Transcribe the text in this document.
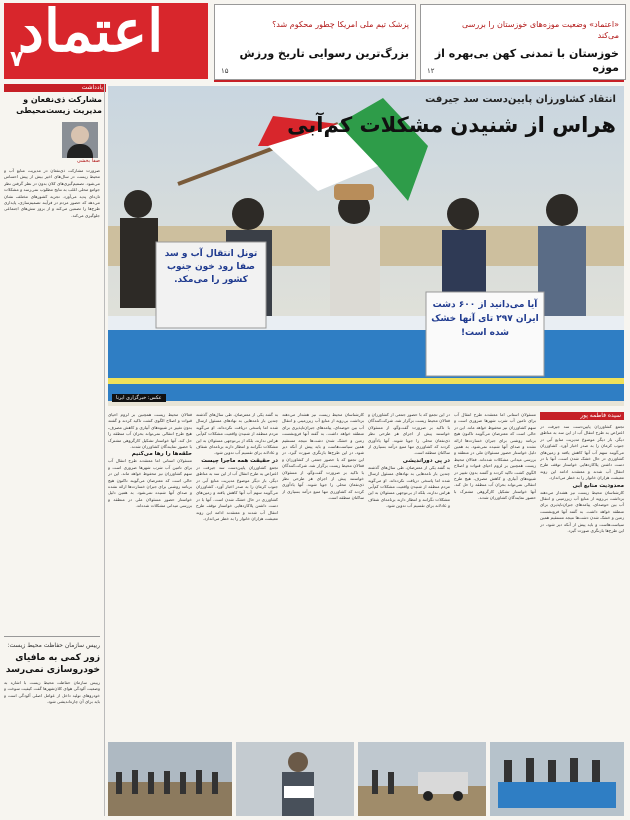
اعتماد
۷
«اعتماد» وضعیت موزه‌های خوزستان را بررسی می‌کند
خوزستان با تمدنی کهن بی‌بهره از موزه
۱۲
پزشک تیم ملی امریکا چطور محکوم شد؟
بزرگ‌ترین رسوایی تاریخ ورزش
۱۵
یادداشت
مشارکت ذی‌نفعان و مدیریت زیست‌محیطی
صفا بخشی
ضرورت مشارکت ذی‌نفعان در مدیریت منابع آب و محیط زیست در سال‌های اخیر بیش از پیش احساس می‌شود. تصمیم‌گیری‌های کلان بدون در نظر گرفتن نظر جوامع محلی اغلب به نتایج مطلوب نمی‌رسد و مشکلات تازه‌ای پدید می‌آورد. تجربه کشورهای مختلف نشان می‌دهد که حضور مردم در فرآیند تصمیم‌سازی، پایداری طرح‌ها را تضمین می‌کند و از بروز تنش‌های اجتماعی جلوگیری می‌کند.
رییس سازمان حفاظت محیط زیست:
زور کمی به مافیای خودروسازی نمی‌رسد
رییس سازمان حفاظت محیط زیست با اشاره به وضعیت آلودگی هوای کلان‌شهرها گفت کیفیت سوخت و خودروهای تولید داخل از عوامل اصلی آلودگی است و باید برای آن چاره‌اندیشی شود.
تونل انتقال آب و سد صفا رود خون جنوب کشور را می‌مکد.
آیا می‌دانید از ۶۰۰ دشت ایران ۲۹۷ تای آنها خشک شده است!
انتقاد کشاورزان پایین‌دست سد جیرفت
هراس از شنیدن مشکلات کم‌آبی
عکس: خبرگزاری ایرنا
سیده فاطمه پور
تجمع کشاورزان پایین‌دست سد جیرفت در اعتراض به طرح انتقال آب از این سد به مناطق دیگر، بار دیگر موضوع مدیریت منابع آبی در جنوب کرمان را به صدر اخبار آورد. کشاورزان می‌گویند سهم آب آنها کاهش یافته و زمین‌های کشاورزی در حال خشک شدن است. آنها با در دست داشتن پلاکاردهایی خواستار توقف طرح انتقال آب شدند و معتقدند ادامه این روند معیشت هزاران خانوار را به خطر می‌اندازد.
محدودیت منابع آبی
کارشناسان محیط زیست نیز هشدار می‌دهند برداشت بی‌رویه از منابع آب زیرزمینی و انتقال آب بین حوضه‌ای، پیامدهای جبران‌ناپذیری برای منطقه خواهد داشت. به گفته آنها فرونشست زمین و خشک شدن دشت‌ها نتیجه مستقیم همین سیاست‌هاست و باید پیش از آنکه دیر شود، در این طرح‌ها بازنگری صورت گیرد.
مسئولان استانی اما معتقدند طرح انتقال آب برای تامین آب شرب شهرها ضروری است و سهم کشاورزان نیز محفوظ خواهد ماند. این در حالی است که معترضان می‌گویند تاکنون هیچ برنامه روشنی برای جبران خسارت‌ها ارائه نشده و صدای آنها شنیده نمی‌شود. به همین دلیل خواستار حضور مسئولان ملی در منطقه و بررسی میدانی مشکلات شده‌اند. فعالان محیط زیست همچنین بر لزوم احیای قنوات و اصلاح الگوی کشت تاکید کردند و گفتند بدون تغییر در شیوه‌های آبیاری و کاهش مصرف، هیچ طرح انتقالی نمی‌تواند بحران آب منطقه را حل کند. آنها خواستار تشکیل کارگروهی مشترک با حضور نمایندگان کشاورزان شدند.
در این تجمع که با حضور جمعی از کشاورزان و فعالان محیط زیست برگزار شد، شرکت‌کنندگان با تاکید بر ضرورت گفت‌وگو، از مسئولان خواستند پیش از اجرای هر طرحی نظر ذی‌نفعان محلی را جویا شوند. آنها یادآوری کردند که کشاورزی تنها منبع درآمد بسیاری از ساکنان منطقه است.
در پی دوراندیشی
به گفته یکی از معترضان، طی سال‌های گذشته چندین بار نامه‌هایی به نهادهای مسئول ارسال شده اما پاسخی دریافت نکرده‌اند. او می‌گوید مردم منطقه از شنیدن واقعیت مشکلات کم‌آبی هراس ندارند، بلکه از بی‌توجهی مسئولان به این مشکلات نگرانند و انتظار دارند برنامه‌ای شفاف و عادلانه برای تقسیم آب تدوین شود.
کارشناسان محیط زیست نیز هشدار می‌دهند برداشت بی‌رویه از منابع آب زیرزمینی و انتقال آب بین حوضه‌ای، پیامدهای جبران‌ناپذیری برای منطقه خواهد داشت. به گفته آنها فرونشست زمین و خشک شدن دشت‌ها نتیجه مستقیم همین سیاست‌هاست و باید پیش از آنکه دیر شود، در این طرح‌ها بازنگری صورت گیرد. در این تجمع که با حضور جمعی از کشاورزان و فعالان محیط زیست برگزار شد، شرکت‌کنندگان با تاکید بر ضرورت گفت‌وگو، از مسئولان خواستند پیش از اجرای هر طرحی نظر ذی‌نفعان محلی را جویا شوند. آنها یادآوری کردند که کشاورزی تنها منبع درآمد بسیاری از ساکنان منطقه است.
به گفته یکی از معترضان، طی سال‌های گذشته چندین بار نامه‌هایی به نهادهای مسئول ارسال شده اما پاسخی دریافت نکرده‌اند. او می‌گوید مردم منطقه از شنیدن واقعیت مشکلات کم‌آبی هراس ندارند، بلکه از بی‌توجهی مسئولان به این مشکلات نگرانند و انتظار دارند برنامه‌ای شفاف و عادلانه برای تقسیم آب تدوین شود.
در حقیقت همه ماجرا چیست
تجمع کشاورزان پایین‌دست سد جیرفت در اعتراض به طرح انتقال آب از این سد به مناطق دیگر، بار دیگر موضوع مدیریت منابع آبی در جنوب کرمان را به صدر اخبار آورد. کشاورزان می‌گویند سهم آب آنها کاهش یافته و زمین‌های کشاورزی در حال خشک شدن است. آنها با در دست داشتن پلاکاردهایی خواستار توقف طرح انتقال آب شدند و معتقدند ادامه این روند معیشت هزاران خانوار را به خطر می‌اندازد.
فعالان محیط زیست همچنین بر لزوم احیای قنوات و اصلاح الگوی کشت تاکید کردند و گفتند بدون تغییر در شیوه‌های آبیاری و کاهش مصرف، هیچ طرح انتقالی نمی‌تواند بحران آب منطقه را حل کند. آنها خواستار تشکیل کارگروهی مشترک با حضور نمایندگان کشاورزان شدند.
حلقه‌ها را رها می‌کنیم
مسئولان استانی اما معتقدند طرح انتقال آب برای تامین آب شرب شهرها ضروری است و سهم کشاورزان نیز محفوظ خواهد ماند. این در حالی است که معترضان می‌گویند تاکنون هیچ برنامه روشنی برای جبران خسارت‌ها ارائه نشده و صدای آنها شنیده نمی‌شود. به همین دلیل خواستار حضور مسئولان ملی در منطقه و بررسی میدانی مشکلات شده‌اند.
